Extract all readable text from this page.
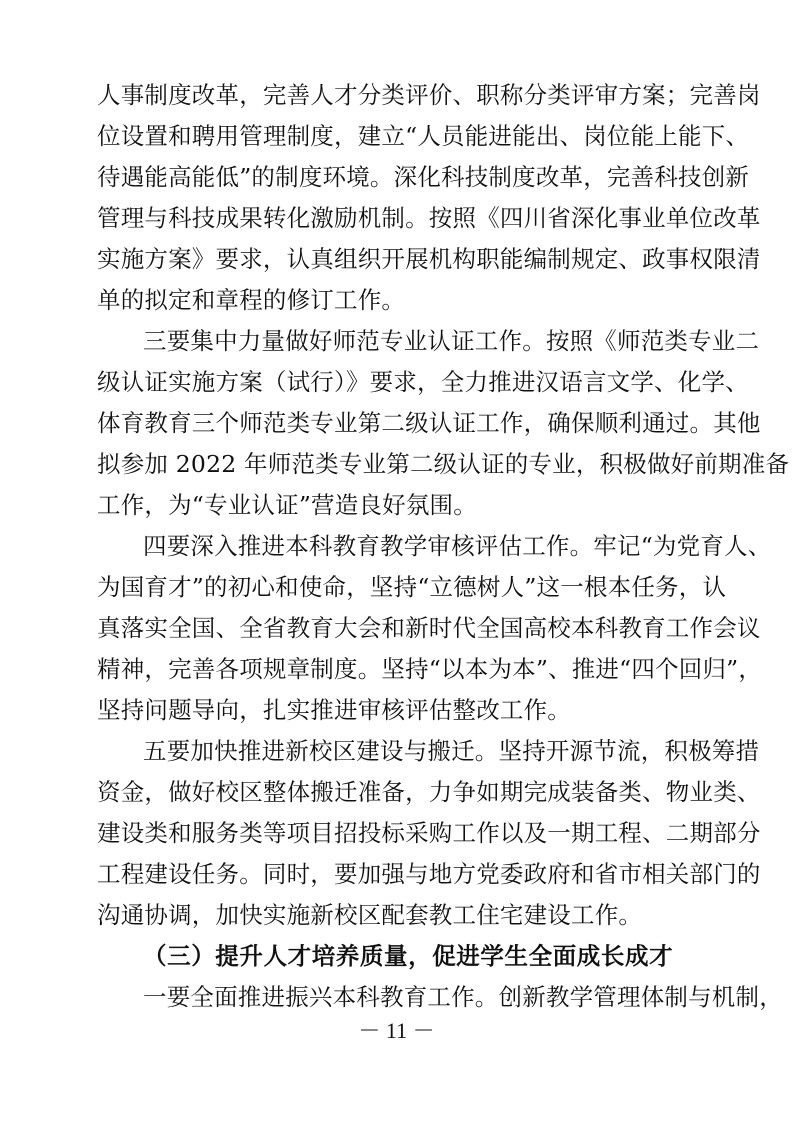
人事制度改革，完善人才分类评价、职称分类评审方案；完善岗
位设置和聘用管理制度，建立“人员能进能出、岗位能上能下、
待遇能高能低”的制度环境。深化科技制度改革，完善科技创新
管理与科技成果转化激励机制。按照《四川省深化事业单位改革
实施方案》要求，认真组织开展机构职能编制规定、政事权限清
单的拟定和章程的修订工作。
三要集中力量做好师范专业认证工作。按照《师范类专业二
级认证实施方案（试行）》要求，全力推进汉语言文学、化学、
体育教育三个师范类专业第二级认证工作，确保顺利通过。其他
拟参加 2022 年师范类专业第二级认证的专业，积极做好前期准备
工作，为“专业认证”营造良好氛围。
四要深入推进本科教育教学审核评估工作。牢记“为党育人、
为国育才”的初心和使命，坚持“立德树人”这一根本任务，认
真落实全国、全省教育大会和新时代全国高校本科教育工作会议
精神，完善各项规章制度。坚持“以本为本”、推进“四个回归”，
坚持问题导向，扎实推进审核评估整改工作。
五要加快推进新校区建设与搬迁。坚持开源节流，积极筹措
资金，做好校区整体搬迁准备，力争如期完成装备类、物业类、
建设类和服务类等项目招投标采购工作以及一期工程、二期部分
工程建设任务。同时，要加强与地方党委政府和省市相关部门的
沟通协调，加快实施新校区配套教工住宅建设工作。
（三）提升人才培养质量，促进学生全面成长成才
一要全面推进振兴本科教育工作。创新教学管理体制与机制，
－ 11 －
